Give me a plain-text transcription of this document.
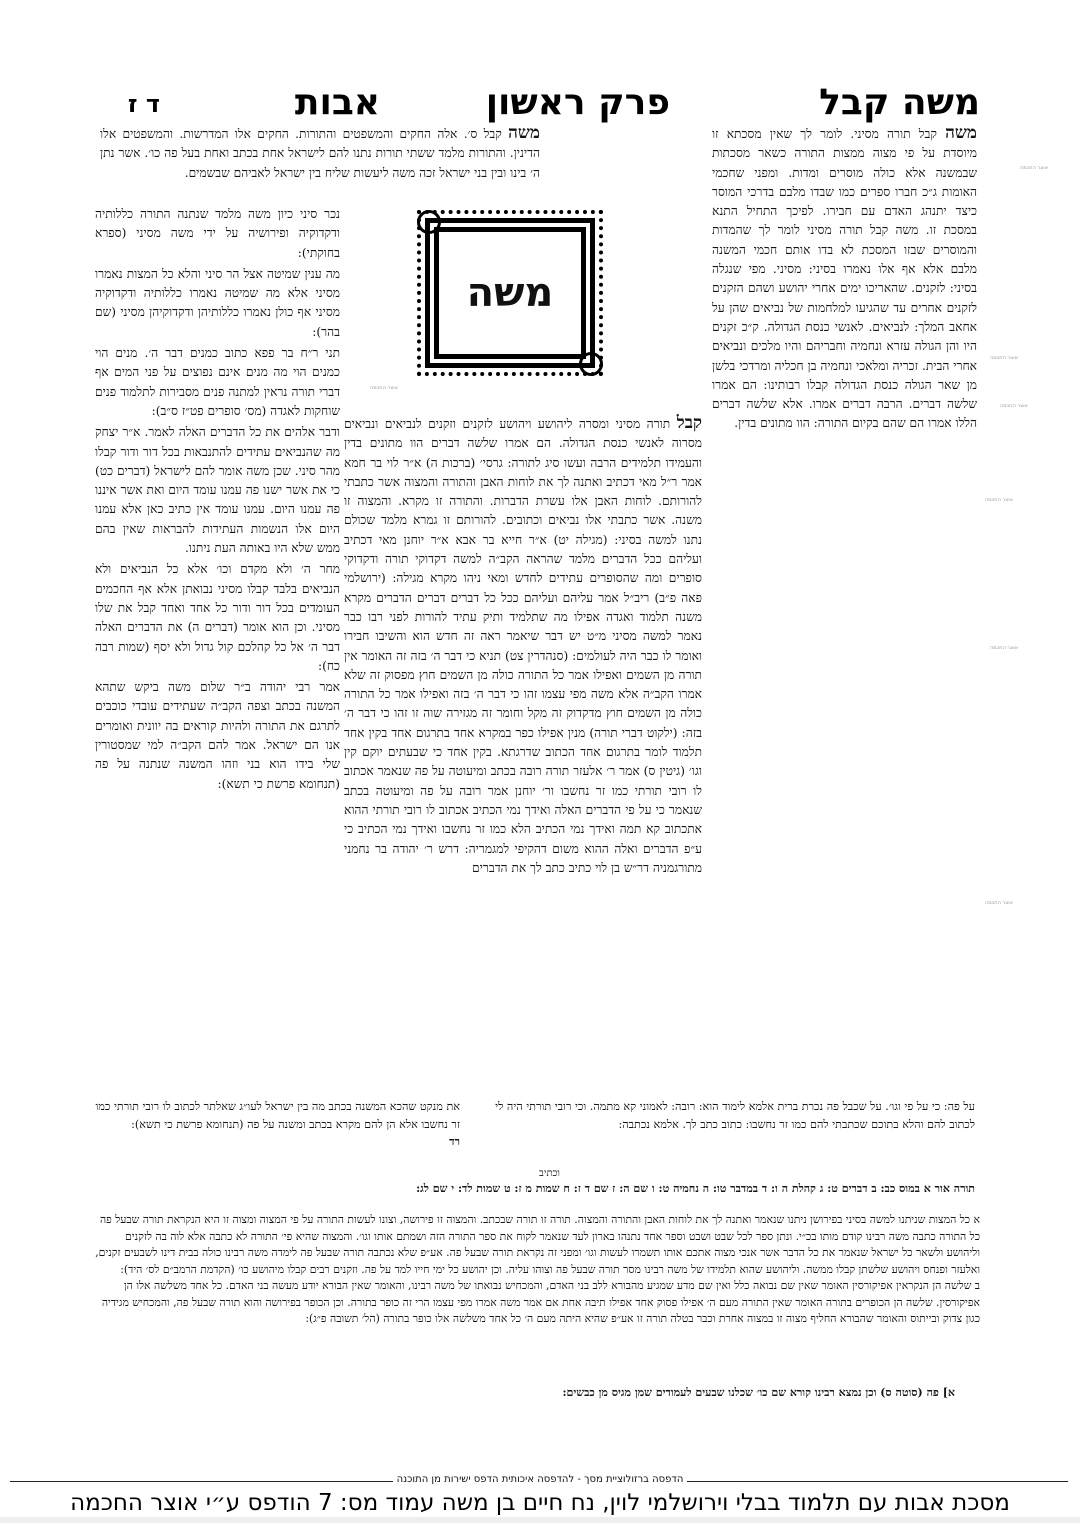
משה קבל
פרק ראשון
אבות
ד ז

משה קבל תורה מסיני. לומר לך שאין מסכתא זו מיוסדת על פי מצוה ממצות התורה כשאר מסכתות שבמשנה אלא כולה מוסרים ומדות. ומפני שחכמי האומות ג״כ חברו ספרים כמו שבדו מלבם בדרכי המוסר כיצד יתנהג האדם עם חבירו. לפיכך התחיל התנא במסכת זו. משה קבל תורה מסיני לומר לך שהמדות והמוסרים שבזו המסכת לא בדו אותם חכמי המשנה מלבם אלא אף אלו נאמרו בסיני: מסיני. מפי שנגלה בסיני: לזקנים. שהאריכו ימים אחרי יהושע ושהם הזקנים לזקנים אחרים עד שהגיעו למלחמות של נביאים שהן על אחאב המלך: לנביאים. לאנשי כנסת הגדולה. ק״כ זקנים היו והן הגולה עזרא ונחמיה וחבריהם והיו מלכים ונביאים אחרי הבית. זכריה ומלאכי ונחמיה בן חכליה ומרדכי בלשן מן שאר הגולה כנסת הגדולה קבלו רבותינו: הם אמרו שלשה דברים. הרבה דברים אמרו. אלא שלשה דברים הללו אמרו הם שהם בקיום התורה: הוו מתונים בדין.

משה קבל ס׳. אלה החקים והמשפטים והתורות. החקים אלו המדרשות. והמשפטים אלו הדינין. והתורות מלמד ששתי תורות נתנו להם לישראל אחת בכתב ואחת בעל פה כו׳. אשר נתן ה׳ בינו ובין בני ישראל זכה משה ליעשות שליח בין ישראל לאביהם שבשמים.

משה

נכר סיני כיון משה מלמד שנתנה התורה כללותיה ודקדוקיה ופירושיה על ידי משה מסיני (ספרא בחוקתי):

מה ענין שמיטה אצל הר סיני והלא כל המצות נאמרו מסיני אלא מה שמיטה נאמרו כללותיה ודקדוקיה מסיני אף כולן נאמרו כללותיהן ודקדוקיהן מסיני (שם בהר):

תני ר״ח בר פפא כתוב כמנים דבר ה׳. מנים הוי כמנים הוי מה מנים אינם נפוצים על פני המים אף דברי תורה נראין למתנה פנים מסבירות לתלמוד פנים שוחקות לאגדה (מס׳ סופרים פט״ז ס״ב):

ודבר אלהים את כל הדברים האלה לאמר. א״ר יצחק מה שהנביאים עתידים להתנבאות בכל דור ודור קבלו מהר סיני. שכן משה אומר להם לישראל (דברים כט) כי את אשר ישנו פה עמנו עומד היום ואת אשר איננו פה עמנו היום. עמנו עומד אין כתיב כאן אלא עמנו היום אלו הנשמות העתידות להבראות שאין בהם ממש שלא היו באותה העת ניתנו.

מחר ה׳ ולא מקדם וכו׳ אלא כל הנביאים ולא הנביאים בלבד קבלו מסיני נבואתן אלא אף החכמים העומדים בכל דור ודור כל אחד ואחד קבל את שלו מסיני. וכן הוא אומר (דברים ה) את הדברים האלה דבר ה׳ אל כל קהלכם קול גדול ולא יסף (שמות רבה כח):

אמר רבי יהודה ב״ר שלום משה ביקש שתהא המשנה בכתב וצפה הקב״ה שעתידים עובדי כוכבים לתרגם את התורה ולהיות קוראים בה יוונית ואומרים אנו הם ישראל. אמר להם הקב״ה למי שמסטורין שלי בידו הוא בני וזהו המשנה שנתנה על פה (תנחומא פרשת כי תשא):

קבל תורה מסיני ומסרה ליהושע ויהושע לזקנים וזקנים לנביאים ונביאים מסרוה לאנשי כנסת הגדולה. הם אמרו שלשה דברים הוו מתונים בדין והעמידו תלמידים הרבה ועשו סיג לתורה: גרסי׳ (ברכות ה) א״ר לוי בר חמא אמר ר״ל מאי דכתיב ואתנה לך את לוחות האבן והתורה והמצוה אשר כתבתי להורותם. לוחות האבן אלו עשרת הדברות. והתורה זו מקרא. והמצוה זו משנה. אשר כתבתי אלו נביאים וכתובים. להורותם זו גמרא מלמד שכולם נתנו למשה בסיני: (מגילה יט) א״ר חייא בר אבא א״ר יוחנן מאי דכתיב ועליהם ככל הדברים מלמד שהראה הקב״ה למשה דקדוקי תורה ודקדוקי סופרים ומה שהסופרים עתידים לחדש ומאי ניהו מקרא מגילה: (ירושלמי פאה פ״ב) ריב״ל אמר עליהם ועליהם ככל כל דברים דברים הדברים מקרא משנה תלמוד ואגדה אפילו מה שתלמיד ותיק עתיד להורות לפני רבו כבר נאמר למשה מסיני מ״ט יש דבר שיאמר ראה זה חדש הוא והשיבו חבירו ואומר לו כבר היה לעולמים: (סנהדרין צט) תניא כי דבר ה׳ בזה זה האומר אין תורה מן השמים ואפילו אמר כל התורה כולה מן השמים חוץ מפסוק זה שלא אמרו הקב״ה אלא משה מפי עצמו זהו כי דבר ה׳ בזה ואפילו אמר כל התורה כולה מן השמים חוץ מדקדוק זה מקל וחומר זה מגזירה שוה זו זהו כי דבר ה׳ בזה: (ילקוט דברי תורה) מנין אפילו כפר במקרא אחד בתרגום אחד בקין אחד תלמוד לומר בתרגום אחד הכתוב שדרגתא. בקין אחד כי שבעתים יוקם קין וגו׳ (גיטין ס) אמר ר׳ אלעזר תורה רובה בכתב ומיעוטה על פה שנאמר אכתוב לו רובי תורתי כמו זר נחשבו ור׳ יוחנן אמר רובה על פה ומיעוטה בכתב שנאמר כי על פי הדברים האלה ואידך נמי הכתיב אכתוב לו רובי תורתי ההוא אתכתוב קא תמה ואידך נמי הכתיב הלא כמו זר נחשבו ואידך נמי הכתיב כי ע״פ הדברים ואלה ההוא משום דהקיפי למגמריה: דרש ר׳ יהודה בר נחמני מתורגמניה דר״ש בן לוי כתיב כתב לך את הדברים

על פה: כי על פי וגו׳. על שכבל פה נכרת ברית אלמא לימוד הוא: רובה: לאמוני קא מתמה. וכי רובי תורתי היה לי לכתוב להם והלא בתוכם שכתבתי להם כמו זר נחשבו: כתוב כתב לך. אלמא נכתבה:
את מנקט שהכא המשנה בכתב מה בין ישראל לעו״ג שאלתר לכתוב לו רובי תורתי כמו זר נחשבו אלא הן להם מקרא בכתב ומשנה על פה (תנחומא פרשת כי תשא):
רד
וכתיב
תורה אור א במוס כב: ב דברים ט: ג קהלת ה ו: ד במדבר טו: ה נחמיה ט: ו שם ה: ז שם ד ז: ח שמות מ ז: ט שמות לד: י שם לג:
א כל המצות שניתנו למשה בסיני בפירושן ניתנו שנאמר ואתנה לך את לוחות האבן והתורה והמצוה. תורה זו תורה שבכתב. והמצוה זו פירושה, וצונו לעשות התורה על פי המצוה ומצוה זו היא הנקראת תורה שבעל פה כל התורה כתבה משה רבינו קודם מותו בכ״י. ונתן ספר לכל שבט ושבט וספר אחד נתנהו בארון לעד שנאמר לקוח את ספר התורה הזה ושמתם אותו וגו׳. והמצוה שהיא פי׳ התורה לא כתבה אלא לוה בה לזקנים וליהושע ולשאר כל ישראל שנאמר את כל הדבר אשר אנכי מצוה אתכם אותו תשמרו לעשות וגו׳ ומפני זה נקראת תורה שבעל פה. אע״פ שלא נכתבה תורה שבעל פה לימדה משה רבינו כולה בבית דינו לשבעים זקנים, ואלעזר ופנחס ויהושע שלשתן קבלו ממשה. וליהושע שהוא תלמידו של משה רבינו מסר תורה שבעל פה וצוהו עליה. וכן יהושע כל ימי חייו למד על פה. וזקנים רבים קבלו מיהושע כו׳ (הקדמת הרמב״ם לס׳ היד):
ב שלשה הן הנקראין אפיקורסין האומר שאין שם נבואה כלל ואין שם מדע שמגיע מהבורא ללב בני האדם, והמכחיש נבואתו של משה רבינו, והאומר שאין הבורא יודע מעשה בני האדם. כל אחד משלשה אלו הן אפיקורסין. שלשה הן הכופרים בתורה האומר שאין התורה מעם ה׳ אפילו פסוק אחד אפילו תיבה אחת אם אמר משה אמרו מפי עצמו הרי זה כופר בתורה. וכן הכופר בפירושה והוא תורה שבעל פה, והמכחיש מגידיה כגון צדוק ובייתוס והאומר שהבורא החליף מצוה זו במצוה אחרת וכבר בטלה תורה זו אע״פ שהיא היתה מעם ה׳ כל אחד משלשה אלו כופר בתורה (הל׳ תשובה פ״ג):
א] פה (סוטה ס) וכן נמצא רבינו קורא שם כו׳ שכלנו שבעים לעמודים שמן מגיס מן כבשים:
אוצר החכמה
אוצר החכמה
אוצר החכמה
אוצר החכמה
אוצר החכמה
אוצר החכמה
אוצר החכמה
הדפסה ברזולוציית מסך - להדפסה איכותית הדפס ישירות מן התוכנה
מסכת אבות עם תלמוד בבלי וירושלמי לוין, נח חיים בן משה עמוד מס: 7 הודפס ע״י אוצר החכמה
